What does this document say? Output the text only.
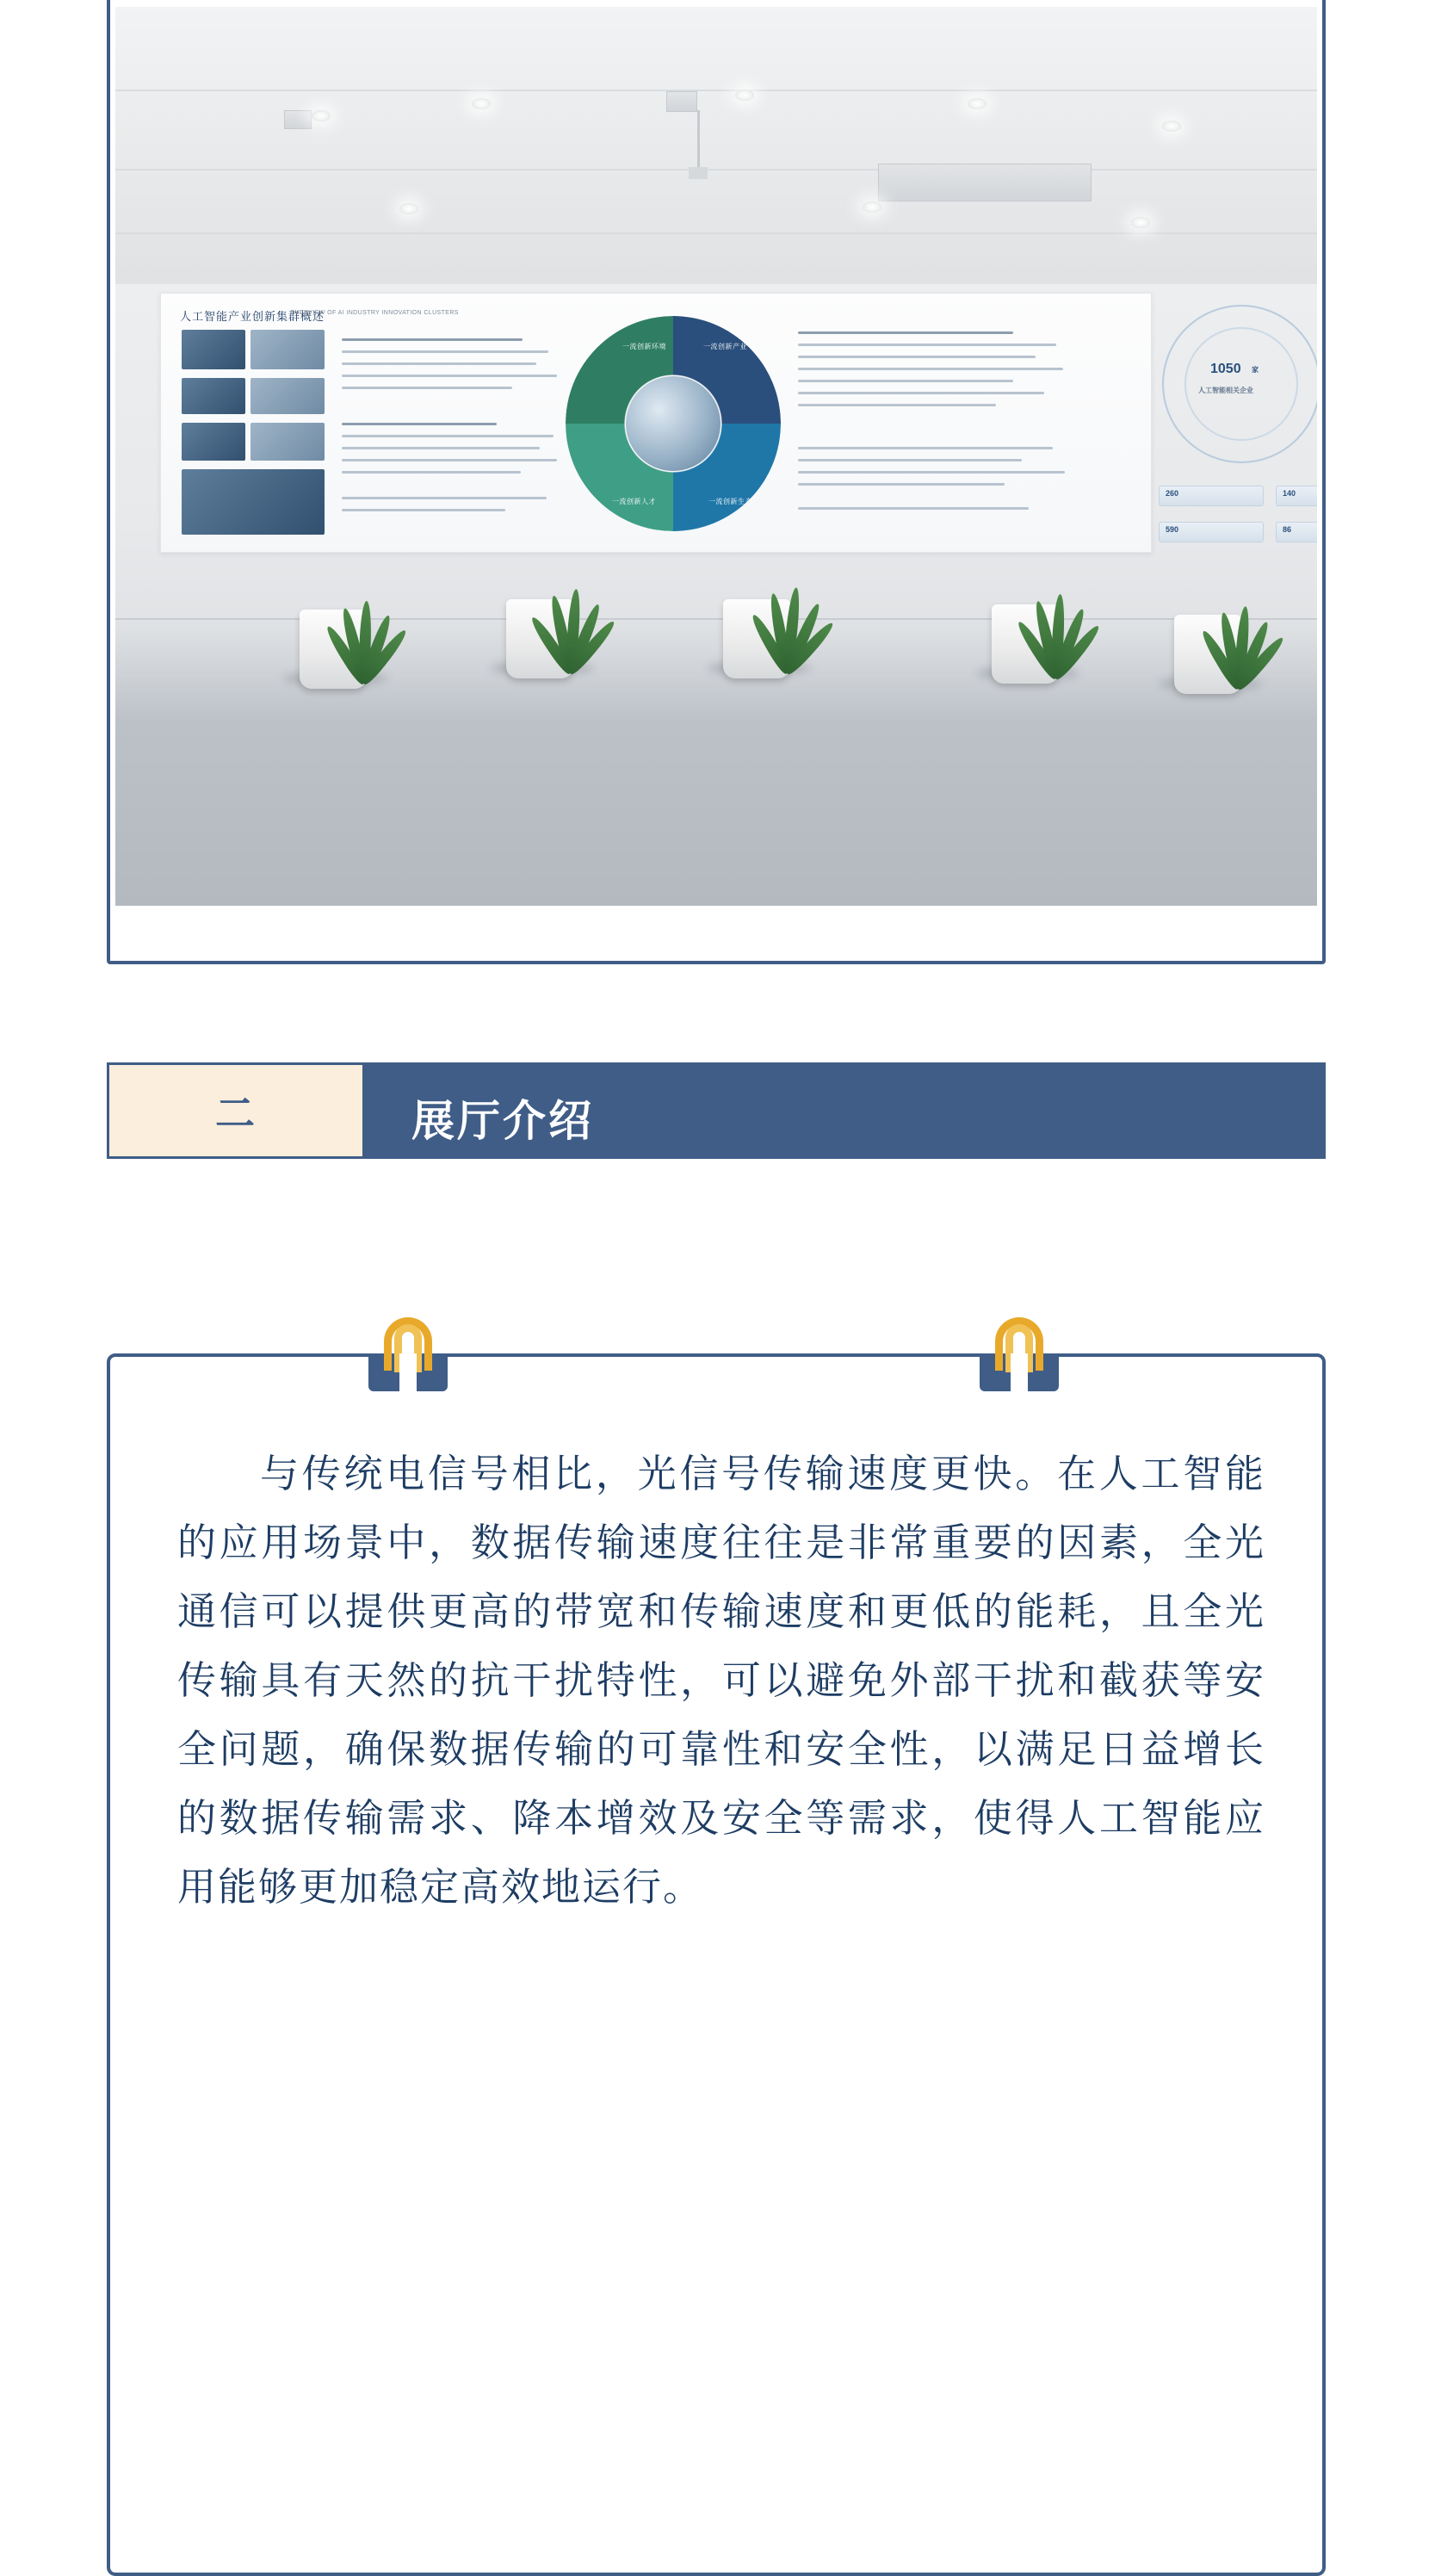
人工智能产业创新集群概述
OVERVIEW OF AI INDUSTRY INNOVATION CLUSTERS
一流创新环境	一流创新产业
一流创新生态
一流创新人才
1050 家
人工智能相关企业
260	140
590	86
展厅介绍
二
与传统电信号相比，光信号传输速度更快。在人工智能的应用场景中，数据传输速度往往是非常重要的因素，全光通信可以提供更高的带宽和传输速度和更低的能耗，且全光传输具有天然的抗干扰特性，可以避免外部干扰和截获等安全问题，确保数据传输的可靠性和安全性，以满足日益增长的数据传输需求、降本增效及安全等需求，使得人工智能应用能够更加稳定高效地运行。
